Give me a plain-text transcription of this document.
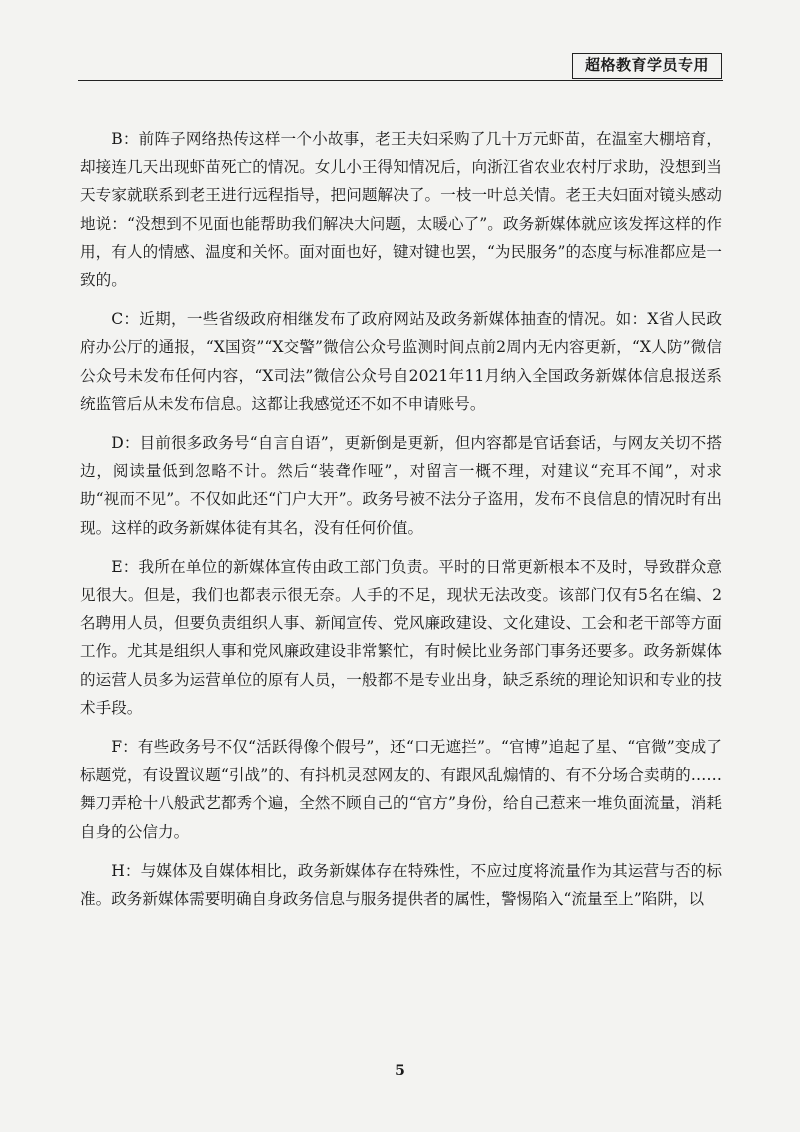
超格教育学员专用

B：前阵子网络热传这样一个小故事，老王夫妇采购了几十万元虾苗，在温室大棚培育，却接连几天出现虾苗死亡的情况。女儿小王得知情况后，向浙江省农业农村厅求助，没想到当天专家就联系到老王进行远程指导，把问题解决了。一枝一叶总关情。老王夫妇面对镜头感动地说：“没想到不见面也能帮助我们解决大问题，太暖心了”。政务新媒体就应该发挥这样的作用，有人的情感、温度和关怀。面对面也好，键对键也罢，“为民服务”的态度与标准都应是一致的。

C：近期，一些省级政府相继发布了政府网站及政务新媒体抽查的情况。如：X省人民政府办公厅的通报，“X国资”“X交警”微信公众号监测时间点前2周内无内容更新，“X人防”微信公众号未发布任何内容，“X司法”微信公众号自2021年11月纳入全国政务新媒体信息报送系统监管后从未发布信息。这都让我感觉还不如不申请账号。

D：目前很多政务号“自言自语”，更新倒是更新，但内容都是官话套话，与网友关切不搭边，阅读量低到忽略不计。然后“装聋作哑”，对留言一概不理，对建议“充耳不闻”，对求助“视而不见”。不仅如此还“门户大开”。政务号被不法分子盗用，发布不良信息的情况时有出现。这样的政务新媒体徒有其名，没有任何价值。

E：我所在单位的新媒体宣传由政工部门负责。平时的日常更新根本不及时，导致群众意见很大。但是，我们也都表示很无奈。人手的不足，现状无法改变。该部门仅有5名在编、2名聘用人员，但要负责组织人事、新闻宣传、党风廉政建设、文化建设、工会和老干部等方面工作。尤其是组织人事和党风廉政建设非常繁忙，有时候比业务部门事务还要多。政务新媒体的运营人员多为运营单位的原有人员，一般都不是专业出身，缺乏系统的理论知识和专业的技术手段。

F：有些政务号不仅“活跃得像个假号”，还“口无遮拦”。“官博”追起了星、“官微”变成了标题党，有设置议题“引战”的、有抖机灵怼网友的、有跟风乱煽情的、有不分场合卖萌的……舞刀弄枪十八般武艺都秀个遍，全然不顾自己的“官方”身份，给自己惹来一堆负面流量，消耗自身的公信力。

H：与媒体及自媒体相比，政务新媒体存在特殊性，不应过度将流量作为其运营与否的标准。政务新媒体需要明确自身政务信息与服务提供者的属性，警惕陷入“流量至上”陷阱，以

5
